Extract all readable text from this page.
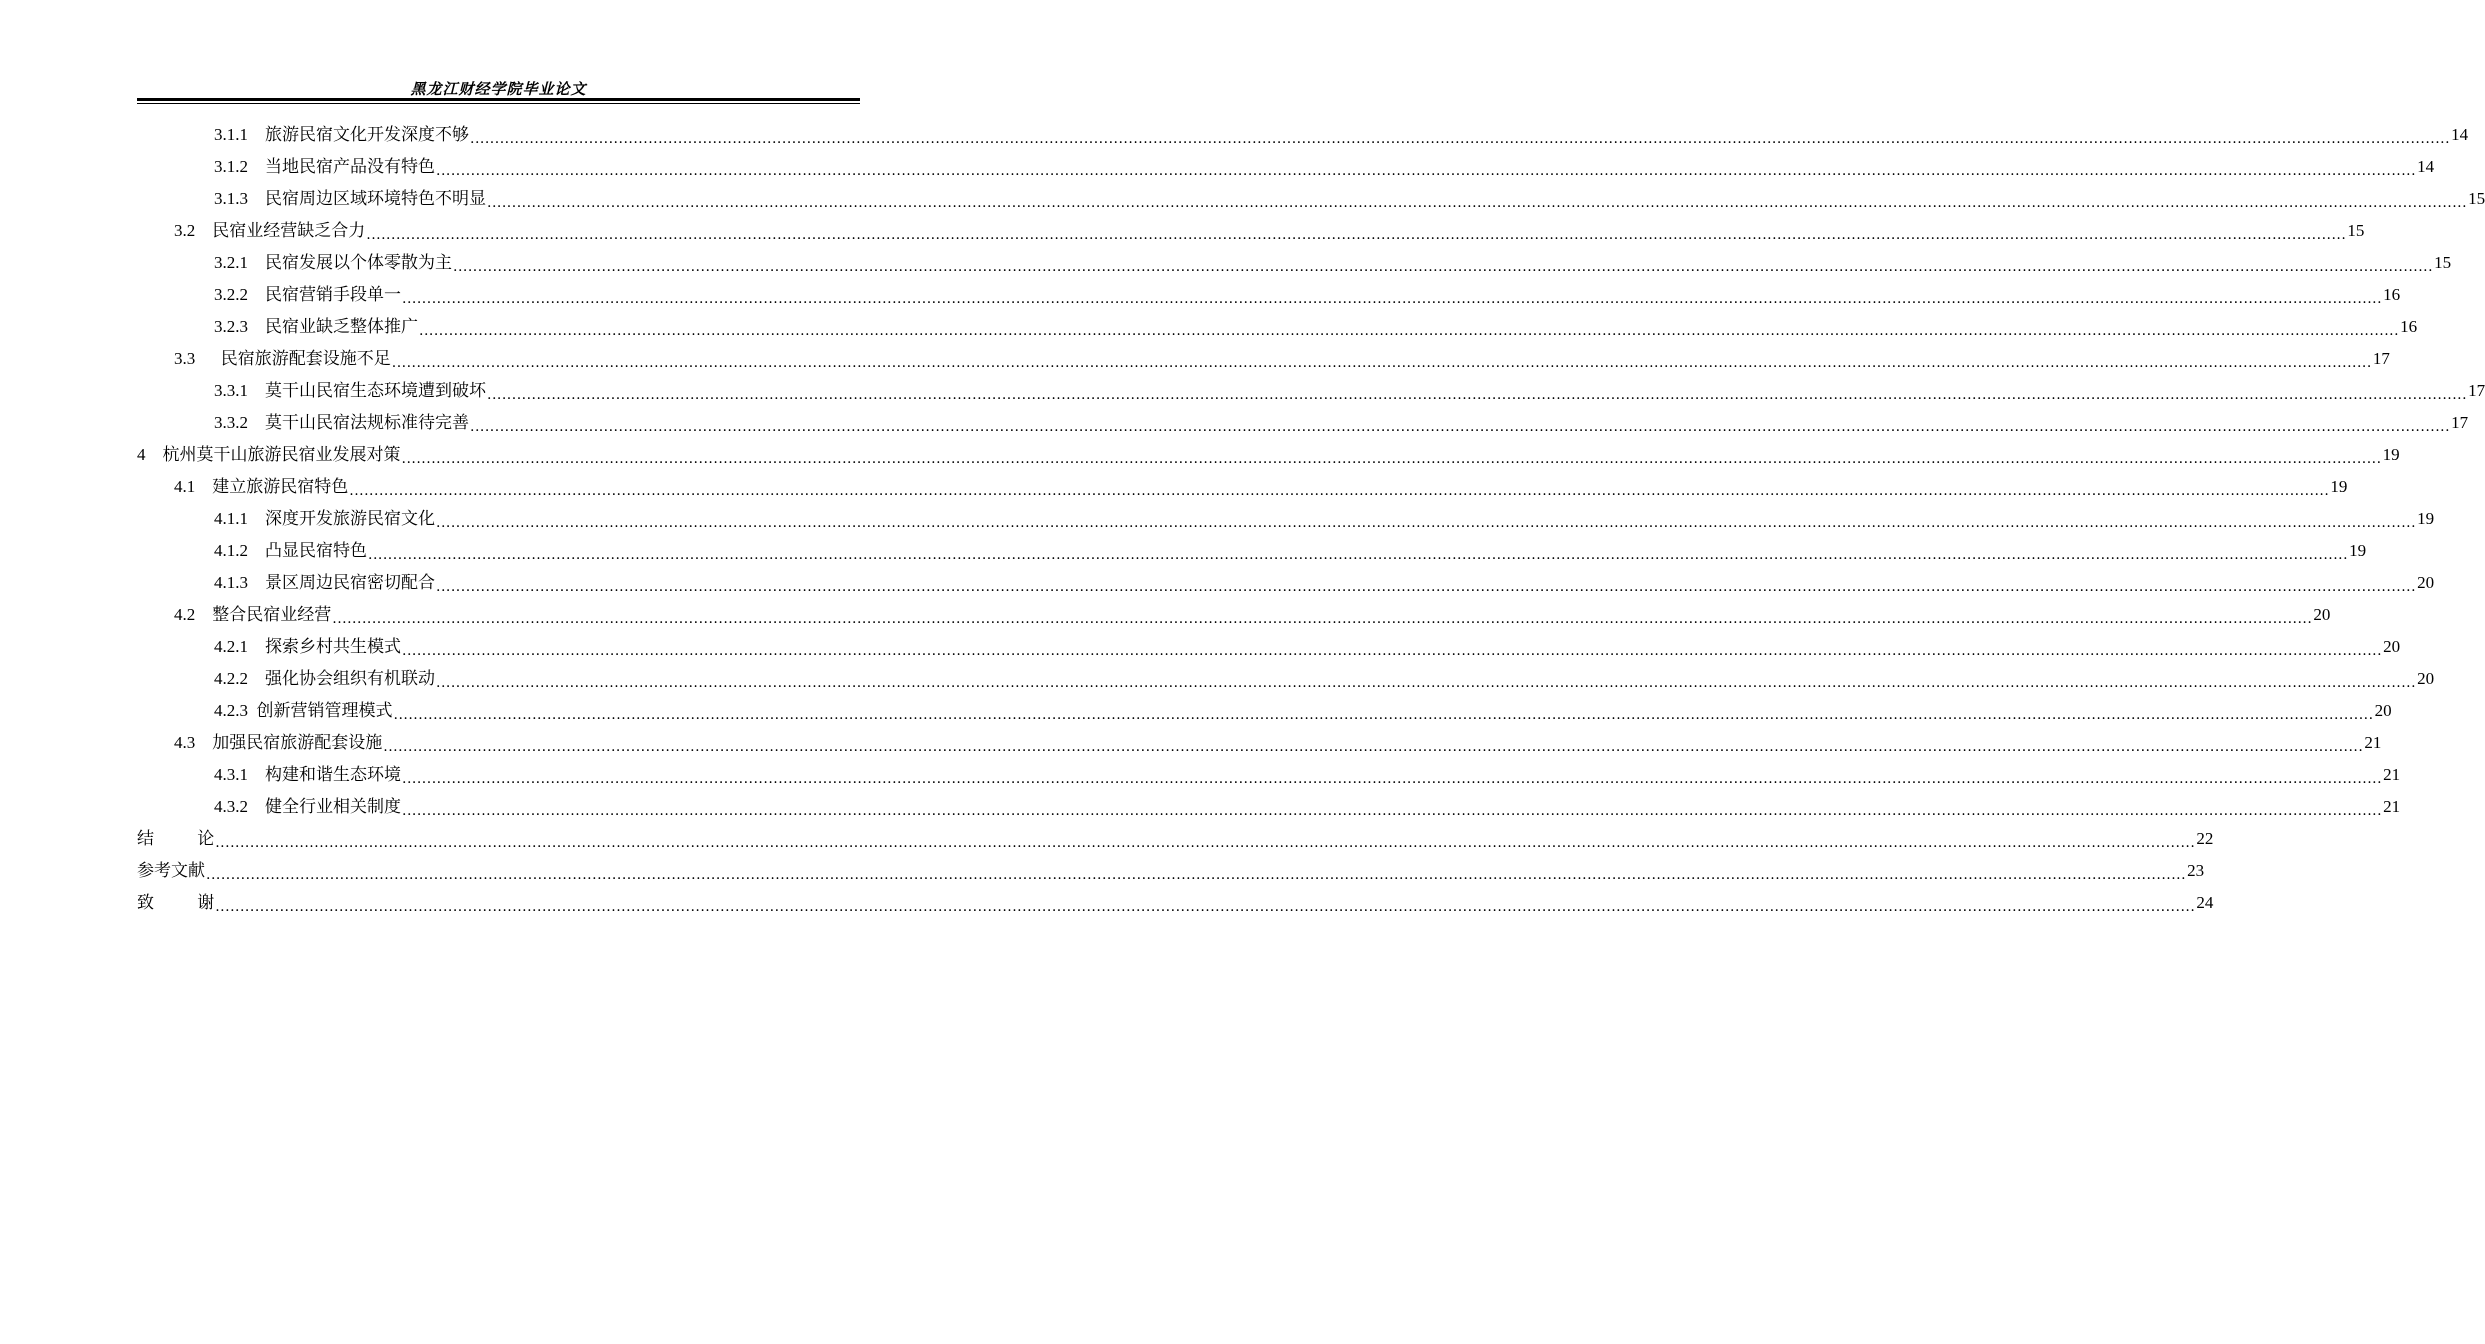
黑龙江财经学院毕业论文
3.1.1 旅游民宿文化开发深度不够 ................................................................................................................................................................................................................................................................................................................................................................................................................ 14
3.1.2 当地民宿产品没有特色 ................................................................................................................................................................................................................................................................................................................................................................................................................ 14
3.1.3 民宿周边区域环境特色不明显 ................................................................................................................................................................................................................................................................................................................................................................................................................ 15
3.2 民宿业经营缺乏合力 ................................................................................................................................................................................................................................................................................................................................................................................................................ 15
3.2.1 民宿发展以个体零散为主 ................................................................................................................................................................................................................................................................................................................................................................................................................ 15
3.2.2 民宿营销手段单一 ................................................................................................................................................................................................................................................................................................................................................................................................................ 16
3.2.3 民宿业缺乏整体推广 ................................................................................................................................................................................................................................................................................................................................................................................................................ 16
3.3 民宿旅游配套设施不足 ................................................................................................................................................................................................................................................................................................................................................................................................................ 17
3.3.1 莫干山民宿生态环境遭到破坏 ................................................................................................................................................................................................................................................................................................................................................................................................................ 17
3.3.2 莫干山民宿法规标准待完善 ................................................................................................................................................................................................................................................................................................................................................................................................................ 17
4 杭州莫干山旅游民宿业发展对策 ................................................................................................................................................................................................................................................................................................................................................................................................................ 19
4.1 建立旅游民宿特色 ................................................................................................................................................................................................................................................................................................................................................................................................................ 19
4.1.1 深度开发旅游民宿文化 ................................................................................................................................................................................................................................................................................................................................................................................................................ 19
4.1.2 凸显民宿特色 ................................................................................................................................................................................................................................................................................................................................................................................................................ 19
4.1.3 景区周边民宿密切配合 ................................................................................................................................................................................................................................................................................................................................................................................................................ 20
4.2 整合民宿业经营 ................................................................................................................................................................................................................................................................................................................................................................................................................ 20
4.2.1 探索乡村共生模式 ................................................................................................................................................................................................................................................................................................................................................................................................................ 20
4.2.2 强化协会组织有机联动 ................................................................................................................................................................................................................................................................................................................................................................................................................ 20
4.2.3 创新营销管理模式 ................................................................................................................................................................................................................................................................................................................................................................................................................ 20
4.3 加强民宿旅游配套设施 ................................................................................................................................................................................................................................................................................................................................................................................................................ 21
4.3.1 构建和谐生态环境 ................................................................................................................................................................................................................................................................................................................................................................................................................ 21
4.3.2 健全行业相关制度 ................................................................................................................................................................................................................................................................................................................................................................................................................ 21
结        论 ................................................................................................................................................................................................................................................................................................................................................................................................................ 22
参考文献 ................................................................................................................................................................................................................................................................................................................................................................................................................ 23
致        谢 ................................................................................................................................................................................................................................................................................................................................................................................................................ 24
